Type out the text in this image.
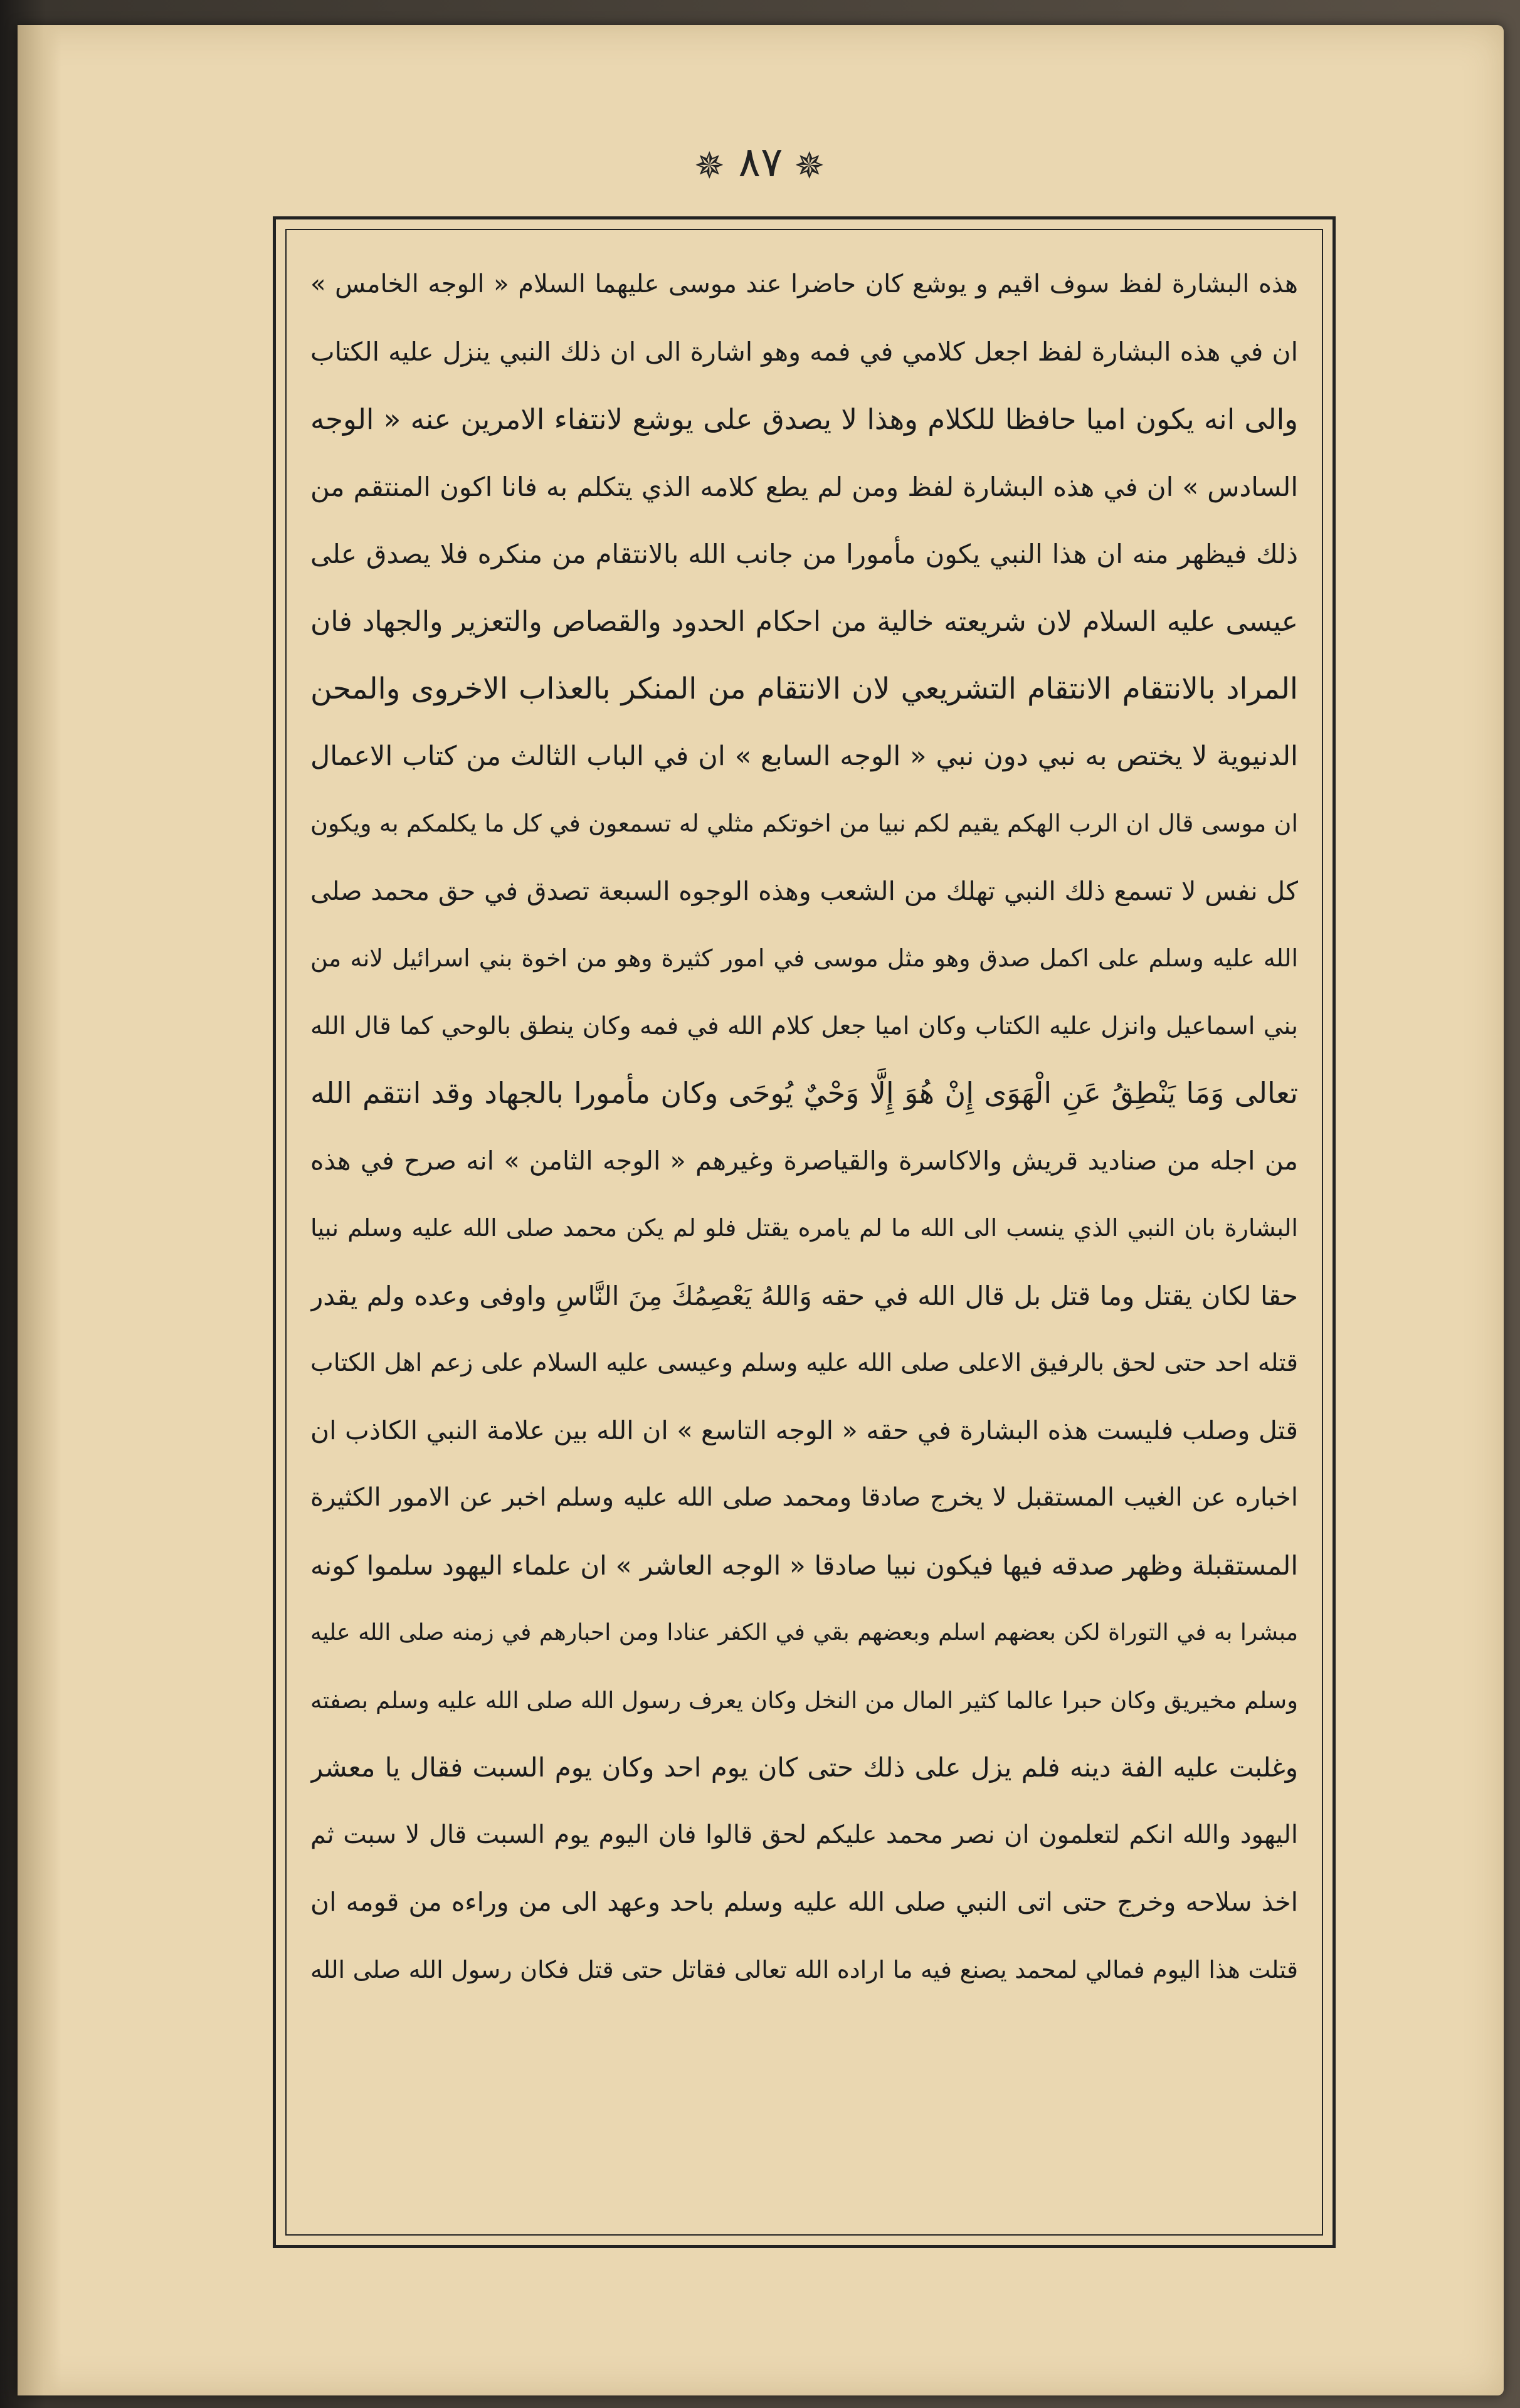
✵ ٨٧ ✵
هذه البشارة لفظ سوف اقيم و يوشع كان حاضرا عند موسى عليهما السلام « الوجه الخامس »
ان في هذه البشارة لفظ اجعل كلامي في فمه وهو اشارة الى ان ذلك النبي ينزل عليه الكتاب
والى انه يكون اميا حافظا للكلام وهذا لا يصدق على يوشع لانتفاء الامرين عنه « الوجه
السادس » ان في هذه البشارة لفظ ومن لم يطع كلامه الذي يتكلم به فانا اكون المنتقم من
ذلك فيظهر منه ان هذا النبي يكون مأمورا من جانب الله بالانتقام من منكره فلا يصدق على
عيسى عليه السلام لان شريعته خالية من احكام الحدود والقصاص والتعزير والجهاد فان
المراد بالانتقام الانتقام التشريعي لان الانتقام من المنكر بالعذاب الاخروى والمحن
الدنيوية لا يختص به نبي دون نبي « الوجه السابع » ان في الباب الثالث من كتاب الاعمال
ان موسى قال ان الرب الهكم يقيم لكم نبيا من اخوتكم مثلي له تسمعون في كل ما يكلمكم به ويكون
كل نفس لا تسمع ذلك النبي تهلك من الشعب وهذه الوجوه السبعة تصدق في حق محمد صلى
الله عليه وسلم على اكمل صدق وهو مثل موسى في امور كثيرة وهو من اخوة بني اسرائيل لانه من
بني اسماعيل وانزل عليه الكتاب وكان اميا جعل كلام الله في فمه وكان ينطق بالوحي كما قال الله
تعالى وَمَا يَنْطِقُ عَنِ الْهَوَى إِنْ هُوَ إِلَّا وَحْيٌ يُوحَى وكان مأمورا بالجهاد وقد انتقم الله
من اجله من صناديد قريش والاكاسرة والقياصرة وغيرهم « الوجه الثامن » انه صرح في هذه
البشارة بان النبي الذي ينسب الى الله ما لم يامره يقتل فلو لم يكن محمد صلى الله عليه وسلم نبيا
حقا لكان يقتل وما قتل بل قال الله في حقه وَاللهُ يَعْصِمُكَ مِنَ النَّاسِ واوفى وعده ولم يقدر
قتله احد حتى لحق بالرفيق الاعلى صلى الله عليه وسلم وعيسى عليه السلام على زعم اهل الكتاب
قتل وصلب فليست هذه البشارة في حقه « الوجه التاسع » ان الله بين علامة النبي الكاذب ان
اخباره عن الغيب المستقبل لا يخرج صادقا ومحمد صلى الله عليه وسلم اخبر عن الامور الكثيرة
المستقبلة وظهر صدقه فيها فيكون نبيا صادقا « الوجه العاشر » ان علماء اليهود سلموا كونه
مبشرا به في التوراة لكن بعضهم اسلم وبعضهم بقي في الكفر عنادا ومن احبارهم في زمنه صلى الله عليه
وسلم مخيريق وكان حبرا عالما كثير المال من النخل وكان يعرف رسول الله صلى الله عليه وسلم بصفته
وغلبت عليه الفة دينه فلم يزل على ذلك حتى كان يوم احد وكان يوم السبت فقال يا معشر
اليهود والله انكم لتعلمون ان نصر محمد عليكم لحق قالوا فان اليوم يوم السبت قال لا سبت ثم
اخذ سلاحه وخرج حتى اتى النبي صلى الله عليه وسلم باحد وعهد الى من وراءه من قومه ان
قتلت هذا اليوم فمالي لمحمد يصنع فيه ما اراده الله تعالى فقاتل حتى قتل فكان رسول الله صلى الله
